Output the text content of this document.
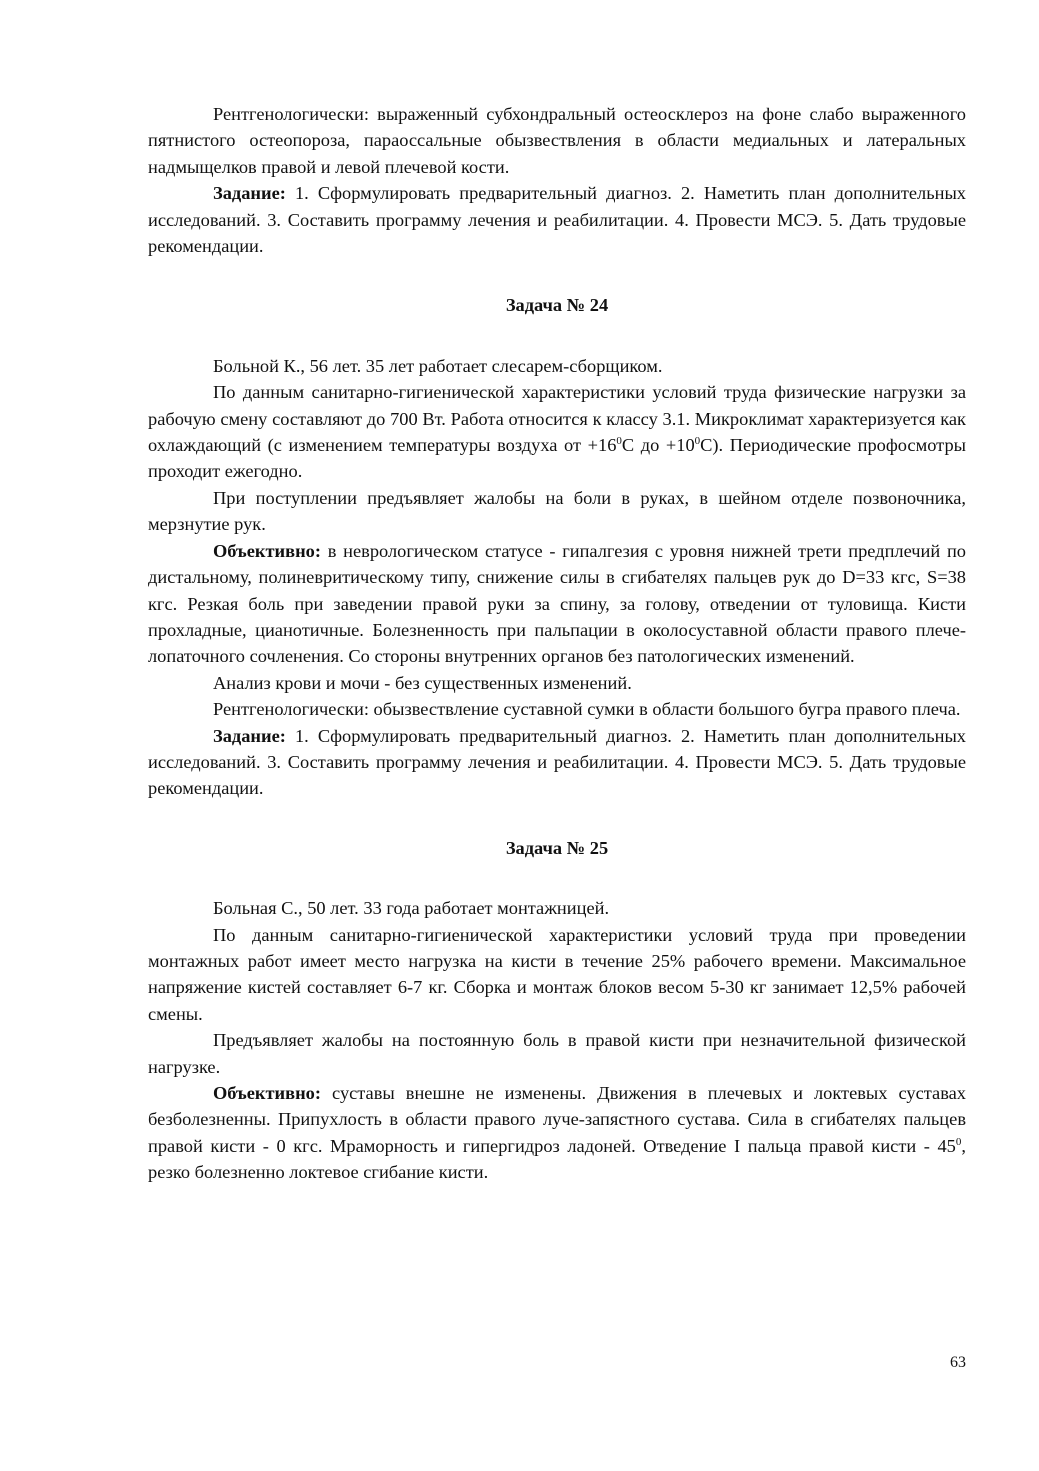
Рентгенологически: выраженный субхондральный остеосклероз на фоне слабо выраженного пятнистого остеопороза, параоссальные обызвествления в области медиальных и латеральных надмыщелков правой и левой плечевой кости.

Задание: 1. Сформулировать предварительный диагноз. 2. Наметить план дополнительных исследований. 3. Составить программу лечения и реабилитации. 4. Провести МСЭ. 5. Дать трудовые рекомендации.

Задача № 24

Больной К., 56 лет. 35 лет работает слесарем-сборщиком.

По данным санитарно-гигиенической характеристики условий труда физические нагрузки за рабочую смену составляют до 700 Вт. Работа относится к классу 3.1. Микроклимат характеризуется как охлаждающий (с изменением температуры воздуха от $+16^0С$ до $+10^0С$). Периодические профосмотры проходит ежегодно.

При поступлении предъявляет жалобы на боли в руках, в шейном отделе позвоночника, мерзнутие рук.

Объективно: в неврологическом статусе - гипалгезия с уровня нижней трети предплечий по дистальному, полиневритическому типу, снижение силы в сгибателях пальцев рук до D=33 кгс, S=38 кгс. Резкая боль при заведении правой руки за спину, за голову, отведении от туловища. Кисти прохладные, цианотичные. Болезненность при пальпации в околосуставной области правого плече-лопаточного сочленения. Со стороны внутренних органов без патологических изменений.

Анализ крови и мочи - без существенных изменений.

Рентгенологически: обызвествление суставной сумки в области большого бугра правого плеча.

Задание: 1. Сформулировать предварительный диагноз. 2. Наметить план дополнительных исследований. 3. Составить программу лечения и реабилитации. 4. Провести МСЭ. 5. Дать трудовые рекомендации.

Задача № 25

Больная С., 50 лет. 33 года работает монтажницей.

По данным санитарно-гигиенической характеристики условий труда при проведении монтажных работ имеет место нагрузка на кисти в течение 25% рабочего времени. Максимальное напряжение кистей составляет 6-7 кг. Сборка и монтаж блоков весом 5-30 кг занимает 12,5% рабочей смены.

Предъявляет жалобы на постоянную боль в правой кисти при незначительной физической нагрузке.

Объективно: суставы внешне не изменены. Движения в плечевых и локтевых суставах безболезненны. Припухлость в области правого луче-запястного сустава. Сила в сгибателях пальцев правой кисти - 0 кгс. Мраморность и гипергидроз ладоней. Отведение I пальца правой кисти - $45^0$, резко болезненно локтевое сгибание кисти.

63
